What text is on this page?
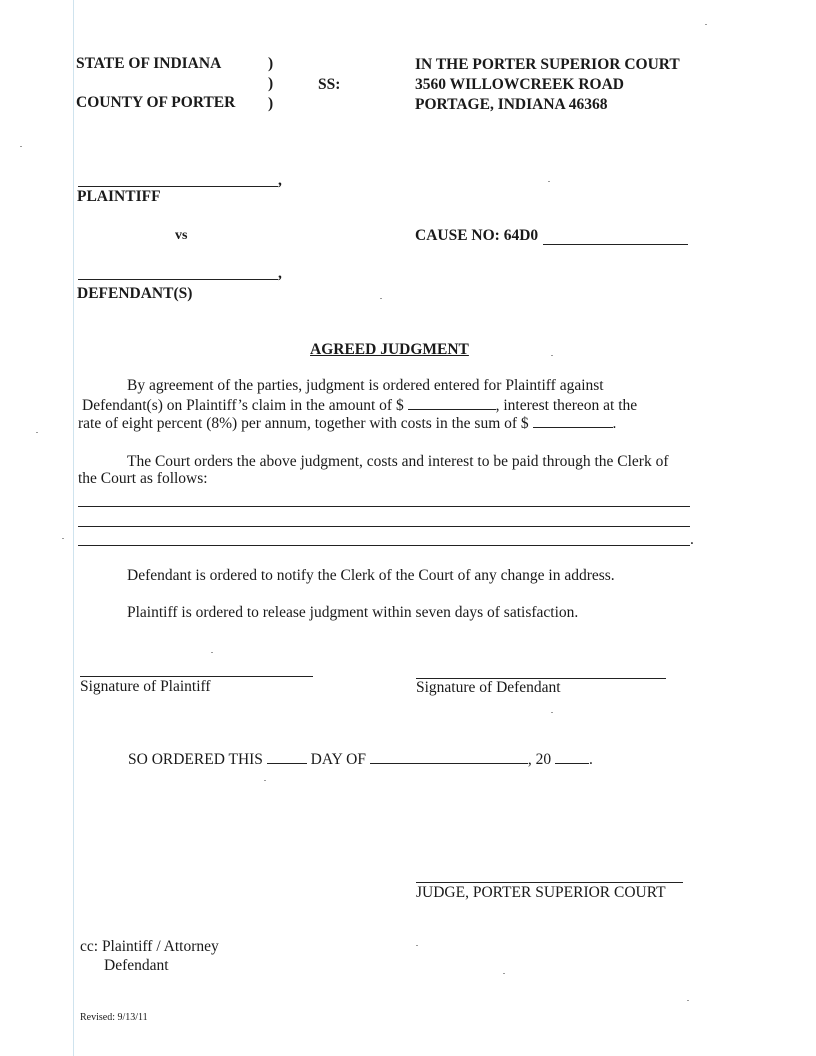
STATE OF INDIANA
COUNTY OF PORTER
)
)
)
SS:
IN THE PORTER SUPERIOR COURT
3560 WILLOWCREEK ROAD
PORTAGE, INDIANA 46368
,
PLAINTIFF
vs	CAUSE NO: 64D0
,
DEFENDANT(S)
AGREED JUDGMENT
By agreement of the parties, judgment is ordered entered for Plaintiff against
Defendant(s) on Plaintiff’s claim in the amount of $	, interest thereon at the
rate of eight percent (8%) per annum, together with costs in the sum of $	.
The Court orders the above judgment, costs and interest to be paid through the Clerk of
the Court as follows:
.
Defendant is ordered to notify the Clerk of the Court of any change in address.
Plaintiff is ordered to release judgment within seven days of satisfaction.
Signature of Plaintiff	Signature of Defendant
SO ORDERED THIS	DAY OF	, 20 .
JUDGE, PORTER SUPERIOR COURT
cc: Plaintiff / Attorney
Defendant
Revised: 9/13/11
